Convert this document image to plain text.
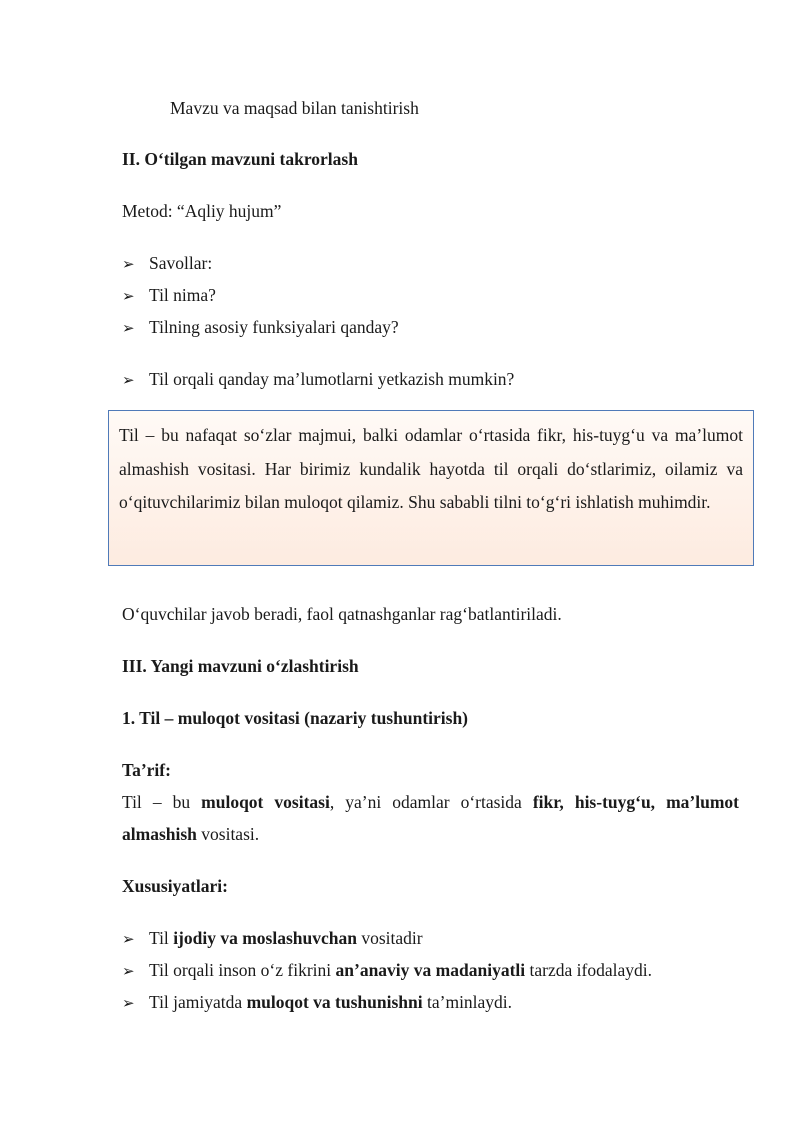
Mavzu va maqsad bilan tanishtirish
II. O‘tilgan mavzuni takrorlash
Metod: “Aqliy hujum”
➢ Savollar:
➢ Til nima?
➢ Tilning asosiy funksiyalari qanday?
➢ Til orqali qanday ma’lumotlarni yetkazish mumkin?

Til – bu nafaqat so‘zlar majmui, balki odamlar o‘rtasida fikr, his-tuyg‘u va ma’lumot almashish vositasi. Har birimiz kundalik hayotda til orqali do‘stlarimiz, oilamiz va o‘qituvchilarimiz bilan muloqot qilamiz. Shu sababli tilni to‘g‘ri ishlatish muhimdir.

O‘quvchilar javob beradi, faol qatnashganlar rag‘batlantiriladi.
III. Yangi mavzuni o‘zlashtirish
1. Til – muloqot vositasi (nazariy tushuntirish)
Ta’rif:

Til – bu muloqot vositasi, ya’ni odamlar o‘rtasida fikr, his-tuyg‘u, ma’lumot almashish vositasi.

Xususiyatlari:
➢ Til ijodiy va moslashuvchan vositadir
➢ Til orqali inson o‘z fikrini an’anaviy va madaniyatli tarzda ifodalaydi.
➢ Til jamiyatda muloqot va tushunishni ta’minlaydi.
